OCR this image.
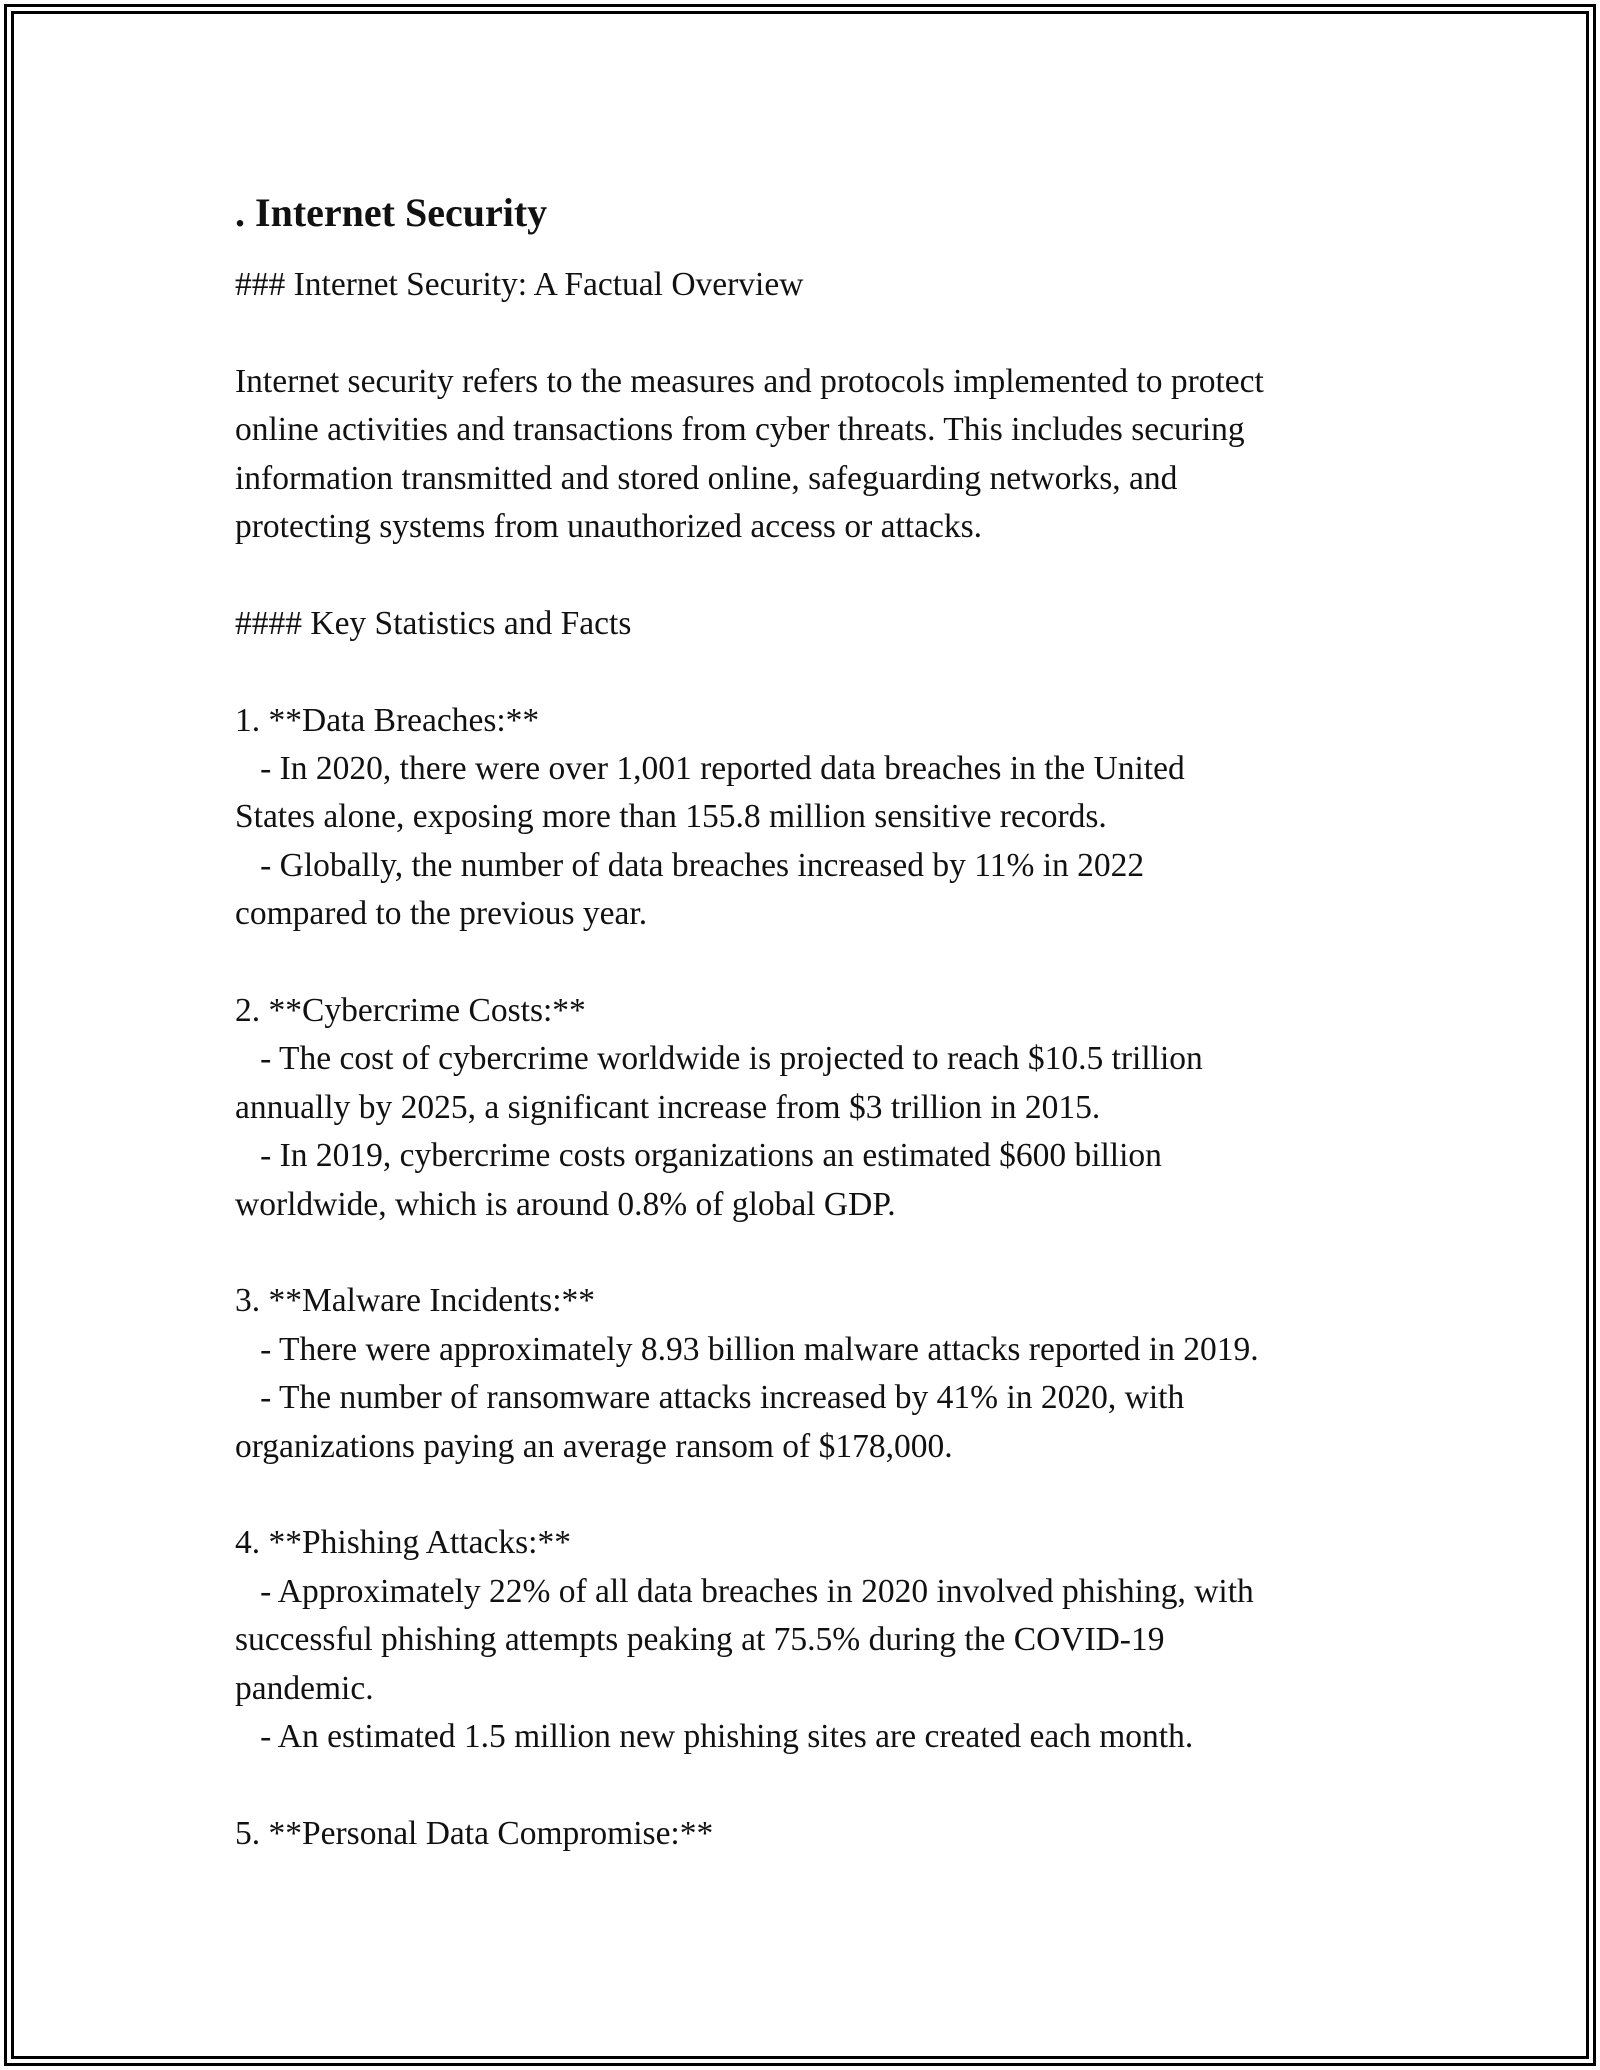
. Internet Security

### Internet Security: A Factual Overview

Internet security refers to the measures and protocols implemented to protect

online activities and transactions from cyber threats. This includes securing

information transmitted and stored online, safeguarding networks, and

protecting systems from unauthorized access or attacks.

#### Key Statistics and Facts

1. **Data Breaches:**

- In 2020, there were over 1,001 reported data breaches in the United

States alone, exposing more than 155.8 million sensitive records.

- Globally, the number of data breaches increased by 11% in 2022

compared to the previous year.

2. **Cybercrime Costs:**

- The cost of cybercrime worldwide is projected to reach $10.5 trillion

annually by 2025, a significant increase from $3 trillion in 2015.

- In 2019, cybercrime costs organizations an estimated $600 billion

worldwide, which is around 0.8% of global GDP.

3. **Malware Incidents:**

- There were approximately 8.93 billion malware attacks reported in 2019.

- The number of ransomware attacks increased by 41% in 2020, with

organizations paying an average ransom of $178,000.

4. **Phishing Attacks:**

- Approximately 22% of all data breaches in 2020 involved phishing, with

successful phishing attempts peaking at 75.5% during the COVID-19

pandemic.

- An estimated 1.5 million new phishing sites are created each month.

5. **Personal Data Compromise:**
